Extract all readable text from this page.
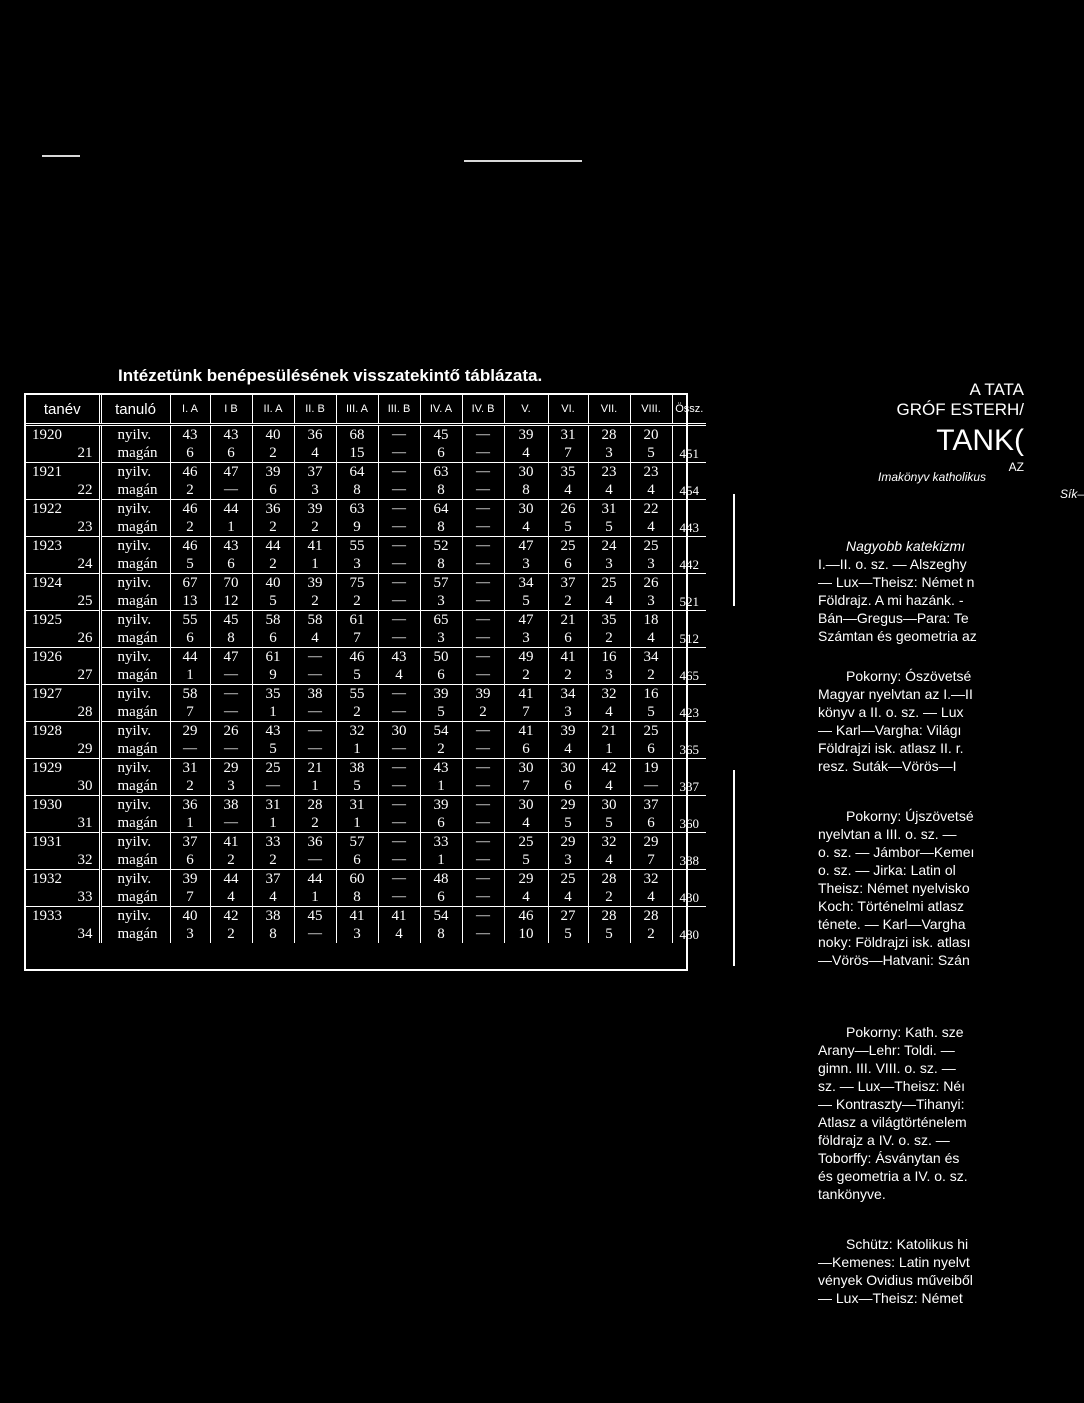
Intézetünk benépesülésének visszatekintő táblázata.
tanév	tanuló	I. A	I B	II. A	II. B	III. A	III. B	IV. A	IV. B	V.	VI.	VII.	VIII.	Össz.
1920	nyilv.	43	43	40	36	68	—	45	—	39	31	28	20	
21	magán	6	6	2	4	15	—	6	—	4	7	3	5	451
1921	nyilv.	46	47	39	37	64	—	63	—	30	35	23	23	
22	magán	2	—	6	3	8	—	8	—	8	4	4	4	454
1922	nyilv.	46	44	36	39	63	—	64	—	30	26	31	22	
23	magán	2	1	2	2	9	—	8	—	4	5	5	4	443
1923	nyilv.	46	43	44	41	55	—	52	—	47	25	24	25	
24	magán	5	6	2	1	3	—	8	—	3	6	3	3	442
1924	nyilv.	67	70	40	39	75	—	57	—	34	37	25	26	
25	magán	13	12	5	2	2	—	3	—	5	2	4	3	521
1925	nyilv.	55	45	58	58	61	—	65	—	47	21	35	18	
26	magán	6	8	6	4	7	—	3	—	3	6	2	4	512
1926	nyilv.	44	47	61	—	46	43	50	—	49	41	16	34	
27	magán	1	—	9	—	5	4	6	—	2	2	3	2	465
1927	nyilv.	58	—	35	38	55	—	39	39	41	34	32	16	
28	magán	7	—	1	—	2	—	5	2	7	3	4	5	423
1928	nyilv.	29	26	43	—	32	30	54	—	41	39	21	25	
29	magán	—	—	5	—	1	—	2	—	6	4	1	6	365
1929	nyilv.	31	29	25	21	38	—	43	—	30	30	42	19	
30	magán	2	3	—	1	5	—	1	—	7	6	4	—	337
1930	nyilv.	36	38	31	28	31	—	39	—	30	29	30	37	
31	magán	1	—	1	2	1	—	6	—	4	5	5	6	360
1931	nyilv.	37	41	33	36	57	—	33	—	25	29	32	29	
32	magán	6	2	2	—	6	—	1	—	5	3	4	7	388
1932	nyilv.	39	44	37	44	60	—	48	—	29	25	28	32	
33	magán	7	4	4	1	8	—	6	—	4	4	2	4	430
1933	nyilv.	40	42	38	45	41	41	54	—	46	27	28	28	
34	magán	3	2	8	—	3	4	8	—	10	5	5	2	480
A TATA
GRÓF ESTERH/
TANK(
AZ
Imakönyv katholikus
Sík–
Nagyobb katekizmı
I.—II. o. sz. — Alszeghy
— Lux—Theisz: Német n
Földrajz. A mi hazánk. -
Bán—Gregus—Para: Te
Számtan és geometria az
Pokorny: Ószövetsé
Magyar nyelvtan az I.—II
könyv a II. o. sz. — Lux
— Karl—Vargha: Világı
Földrajzi isk. atlasz II. r.
resz. Suták—Vörös—I
Pokorny: Újszövetsé
nyelvtan a III. o. sz. —
o. sz. — Jámbor—Kemeı
o. sz. — Jirka: Latin ol
Theisz: Német nyelvisko
Koch: Történelmi atlasz
ténete. — Karl—Vargha
noky: Földrajzi isk. atlası
—Vörös—Hatvani: Szán
Pokorny: Kath. sze
Arany—Lehr: Toldi. —
gimn. III. VIII. o. sz. —
sz. — Lux—Theisz: Néı
— Kontraszty—Tihanyi:
Atlasz a világtörténelem
földrajz a IV. o. sz. —
Toborffy: Ásványtan és
és geometria a IV. o. sz.
tankönyve.
Schütz: Katolikus hi
—Kemenes: Latin nyelvt
vények Ovidius műveiből
— Lux—Theisz: Német
